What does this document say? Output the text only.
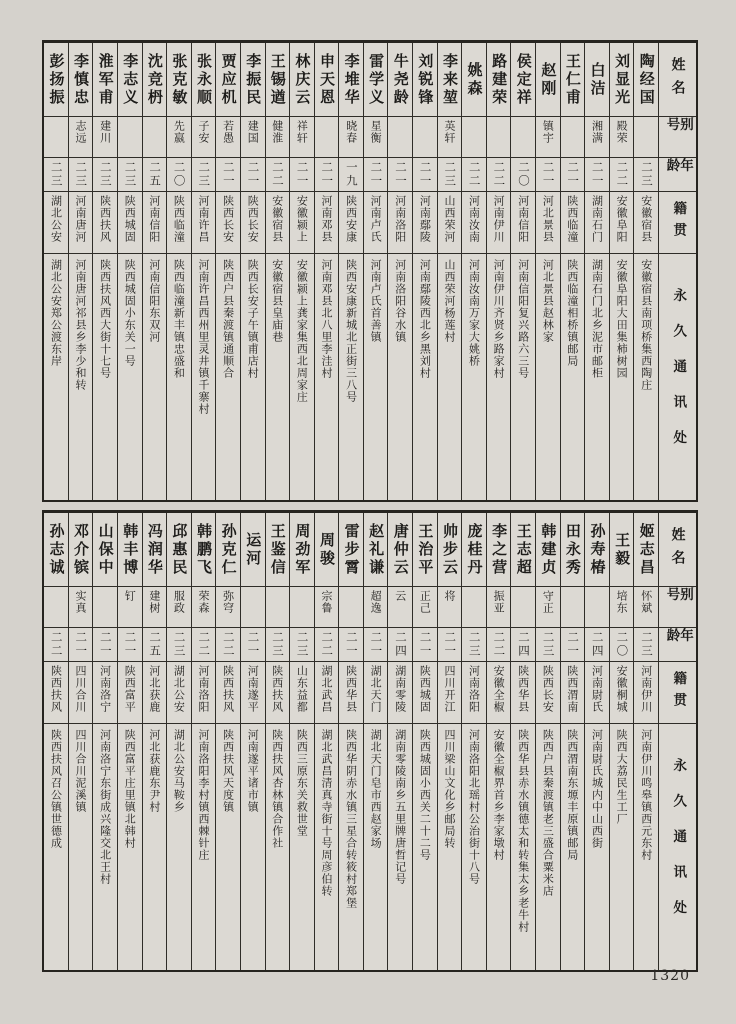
姓名
别号
年龄
籍贯
永久通讯处
陶经国
二三
安徽宿县
安徽宿县南项桥集西陶庄
刘显光
殿荣
二二
安徽阜阳
安徽阜阳大田集柿树园
白洁
湘满
二一
湖南石门
湖南石门北乡泥市邮柜
王仁甫
二一
陕西临潼
陕西临潼相桥镇邮局
赵刚
镇宇
二一
河北景县
河北景县赵林家
侯定祥
二〇
河南信阳
河南信阳复兴路六三号
路建荣
二二
河南伊川
河南伊川齐贤乡路家村
姚森
二二
河南汝南
河南汝南万家大姚桥
李来堃
英轩
二三
山西荣河
山西荣河杨莲村
刘锐锋
二一
河南鄢陵
河南鄢陵西北乡黑刘村
牛尧龄
二一
河南洛阳
河南洛阳谷水镇
雷学义
星衡
二一
河南卢氏
河南卢氏首善镇
李堆华
晓春
一九
陕西安康
陕西安康新城北正街三八号
申天恩
二一
河南邓县
河南邓县北八里李洼村
林庆云
祥轩
二一
安徽颍上
安徽颍上龚家集西北周家庄
王锡遒
健淮
二二
安徽宿县
安徽宿县皇庙巷
李振民
建国
二一
陕西长安
陕西长安子午镇甫店村
贾应机
若愚
二一
陕西长安
陕西户县秦渡镇通顺合
张永顺
子安
二三
河南许昌
河南许昌西州里灵井镇千寨村
张克敏
先嬴
二〇
陕西临潼
陕西临潼新丰镇忠盛和
沈竞枬
二五
河南信阳
河南信阳东双河
李志义
二三
陕西城固
陕西城固小东关一号
淮军甫
建川
二三
陕西扶风
陕西扶风西大街十七号
李慎忠
志远
二三
河南唐河
河南唐河祁县乡李少和转
彭扬振
二三
湖北公安
湖北公安郑公渡东岸
姓名
别号
年龄
籍贯
永久通讯处
姬志昌
怀斌
二三
河南伊川
河南伊川鸣皋镇西元东村
王毅
培东
二〇
安徽桐城
陕西大荔民生工厂
孙寿椿
二四
河南尉氏
河南尉氏城内中山西街
田永秀
二一
陕西渭南
陕西渭南东塬丰原镇邮局
韩建贞
守正
二三
陕西长安
陕西户县秦渡镇老三盛合粟米店
王志超
二四
陕西华县
陕西华县赤水镇德太和转集太乡老牛村
李之营
振亚
二二
安徽全椒
安徽全椒界首乡李家墩村
庞桂丹
二三
河南洛阳
河南洛阳北瑶村公治街十八号
帅步云
将
二一
四川开江
四川梁山文化乡邮局转
王治平
正己
二一
陕西城固
陕西城固小西关二十二号
唐仲云
云
二四
湖南零陵
湖南零陵南乡五里牌唐哲记号
赵礼谦
超逸
二一
湖北天门
湖北天门皂市西赵家场
雷步霄
二一
陕西华县
陕西华阴赤水镇三星合转筱村郑堡
周骏
宗鲁
二二
湖北武昌
湖北武昌清真寺街十号周彦伯转
周劲军
二三
山东益都
陕西三原东关救世堂
王鉴信
二三
陕西扶风
陕西扶风杏林镇合作社
运河
二一
河南遂平
河南遂平诸市镇
孙克仁
弥穹
二二
陕西扶风
陕西扶风天度镇
韩鹏飞
荣森
二二
河南洛阳
河南洛阳李村镇西棘针庄
邱惠民
服政
二三
湖北公安
湖北公安马鞍乡
冯润华
建树
二五
河北获鹿
河北获鹿东尹村
韩丰博
钉
二一
陕西富平
陕西富平庄里镇北韩村
山保中
二一
河南洛宁
河南洛宁东街成兴隆交北王村
邓介镔
实真
二一
四川合川
四川合川泥溪镇
孙志诚
二二
陕西扶风
陕西扶风召公镇世德成
1320
